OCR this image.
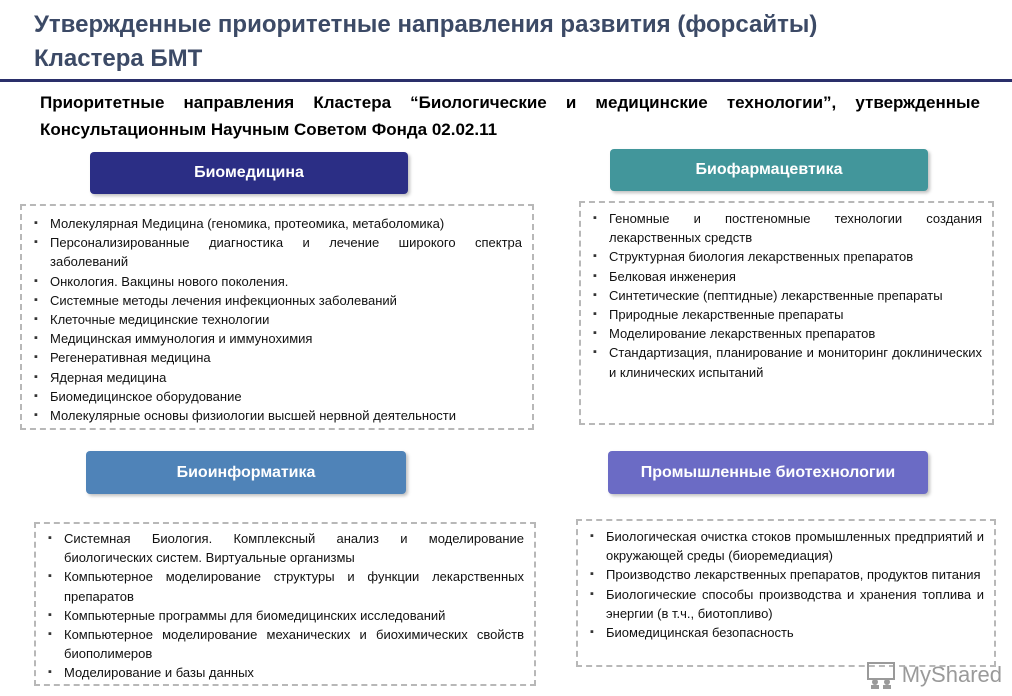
Утвержденные приоритетные направления развития (форсайты)
Кластера БМТ
Приоритетные направления Кластера “Биологические и медицинские технологии”, утвержденные Консультационным Научным Советом Фонда 02.02.11
Биомедицина
▪ Молекулярная Медицина (геномика, протеомика, метаболомика)
▪ Персонализированные диагностика и лечение широкого спектра заболеваний
▪ Онкология. Вакцины нового поколения.
▪ Системные методы лечения инфекционных заболеваний
▪ Клеточные медицинские технологии
▪ Медицинская иммунология и иммунохимия
▪ Регенеративная медицина
▪ Ядерная медицина
▪ Биомедицинское оборудование
▪ Молекулярные основы физиологии высшей нервной деятельности
Биофармацевтика
▪ Геномные и постгеномные технологии создания лекарственных средств
▪ Структурная биология лекарственных препаратов
▪ Белковая инженерия
▪ Синтетические (пептидные) лекарственные препараты
▪ Природные лекарственные препараты
▪ Моделирование лекарственных препаратов
▪ Стандартизация, планирование и мониторинг доклинических и клинических испытаний
Биоинформатика
▪ Системная Биология. Комплексный анализ и моделирование биологических систем. Виртуальные организмы
▪ Компьютерное моделирование структуры и функции лекарственных препаратов
▪ Компьютерные программы для биомедицинских исследований
▪ Компьютерное моделирование механических и биохимических свойств биополимеров
▪ Моделирование и базы данных
Промышленные биотехнологии
▪ Биологическая очистка стоков промышленных предприятий и окружающей среды (биоремедиация)
▪ Производство лекарственных препаратов, продуктов питания
▪ Биологические способы производства и хранения топлива и энергии (в т.ч., биотопливо)
▪ Биомедицинская безопасность
MyShared
